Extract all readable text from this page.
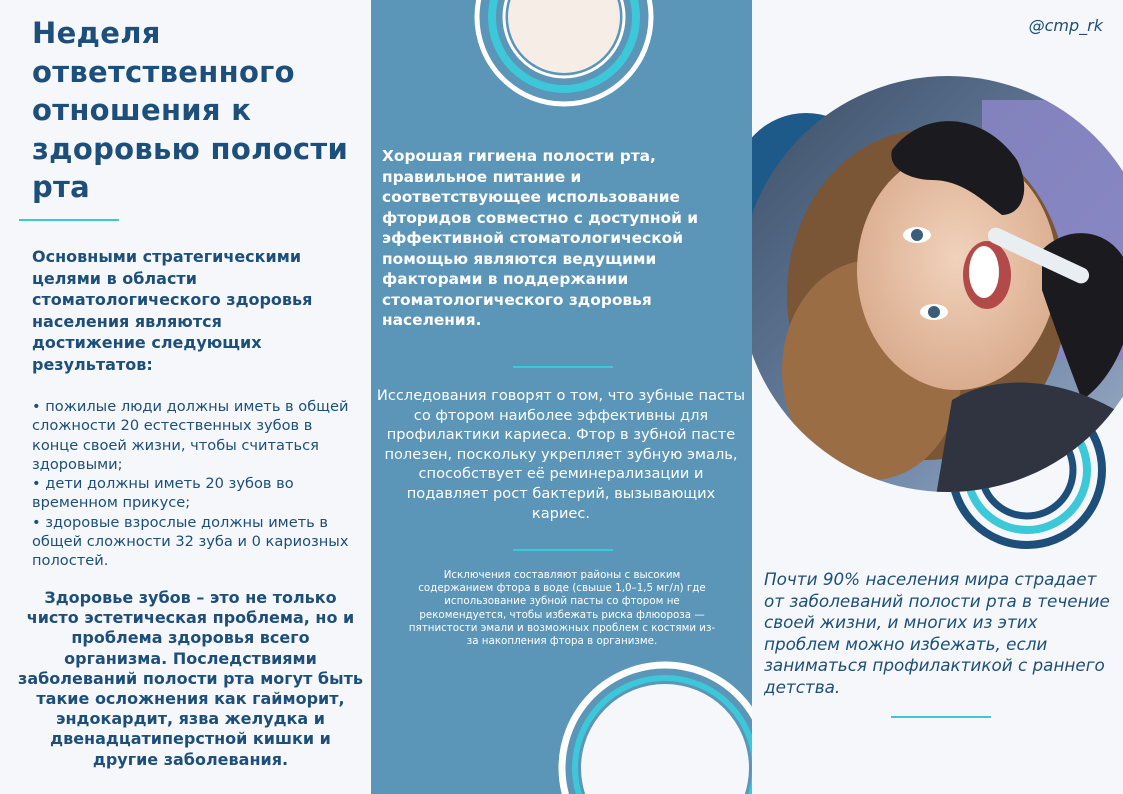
Неделя ответственного отношения к здоровью полости рта

Основными стратегическими целями в области стоматологического здоровья населения являются достижение следующих результатов:

• пожилые люди должны иметь в общей сложности 20 естественных зубов в конце своей жизни, чтобы считаться здоровыми;
• дети должны иметь 20 зубов во временном прикусе;
• здоровые взрослые должны иметь в общей сложности 32 зуба и 0 кариозных полостей.

Здоровье зубов – это не только чисто эстетическая проблема, но и проблема здоровья всего организма. Последствиями заболеваний полости рта могут быть такие осложнения как гайморит, эндокардит, язва желудка и двенадцатиперстной кишки и другие заболевания.

Хорошая гигиена полости рта, правильное питание и соответствующее использование фторидов совместно с доступной и эффективной стоматологической помощью являются ведущими факторами в поддержании стоматологического здоровья населения.

Исследования говорят о том, что зубные пасты со фтором наиболее эффективны для профилактики кариеса. Фтор в зубной пасте полезен, поскольку укрепляет зубную эмаль, способствует её реминерализации и подавляет рост бактерий, вызывающих кариес.

Исключения составляют районы с высоким содержанием фтора в воде (свыше 1,0–1,5 мг/л) где использование зубной пасты со фтором не рекомендуется, чтобы избежать риска флюороза — пятнистости эмали и возможных проблем с костями из-за накопления фтора в организме.

@cmp_rk

Почти 90% населения мира страдает от заболеваний полости рта в течение своей жизни, и многих из этих проблем можно избежать, если заниматься профилактикой с раннего детства.
